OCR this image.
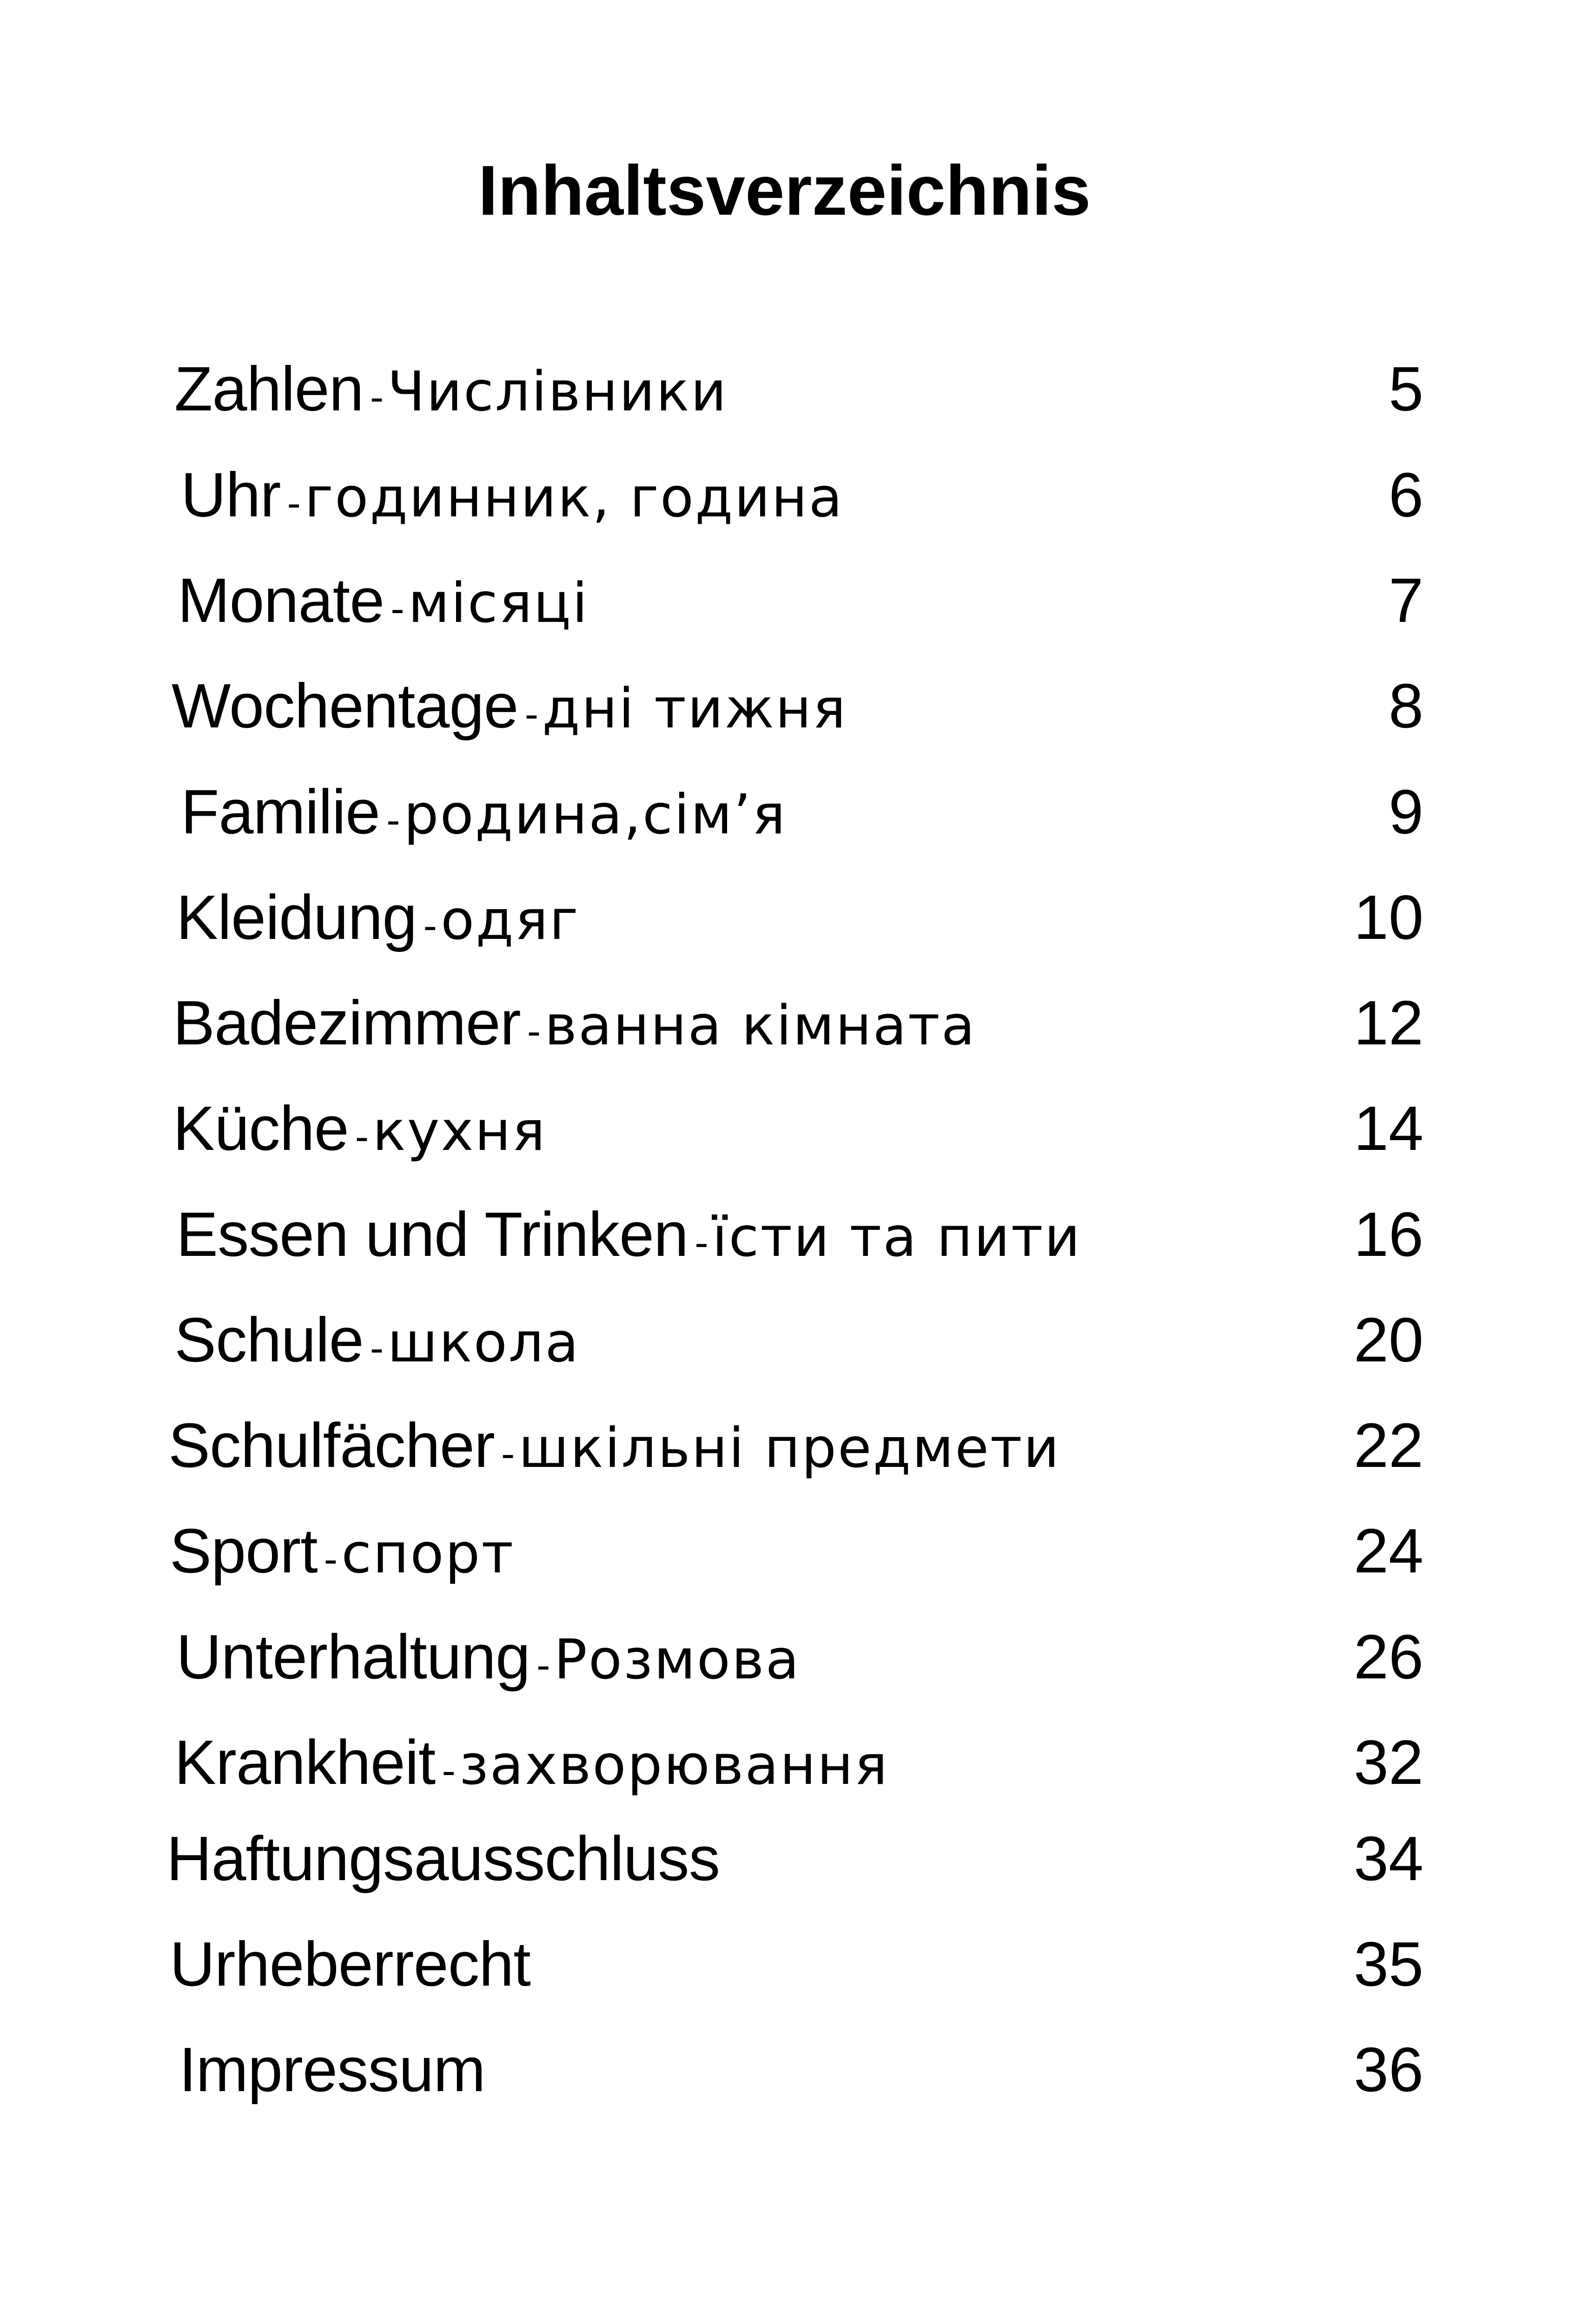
Inhaltsverzeichnis
Zahlen -Числівники	5
Uhr -годинник, година	6
Monate -місяці	7
Wochentage -дні тижня	8
Familie -родина,сім’я	9
Kleidung -одяг	10
Badezimmer -ванна кімната	12
Küche -кухня	14
Essen und Trinken -їсти та пити	16
Schule -школа	20
Schulfächer -шкільні предмети	22
Sport -спорт	24
Unterhaltung -Розмова	26
Krankheit -захворювання	32
Haftungsausschluss	34
Urheberrecht	35
Impressum	36
